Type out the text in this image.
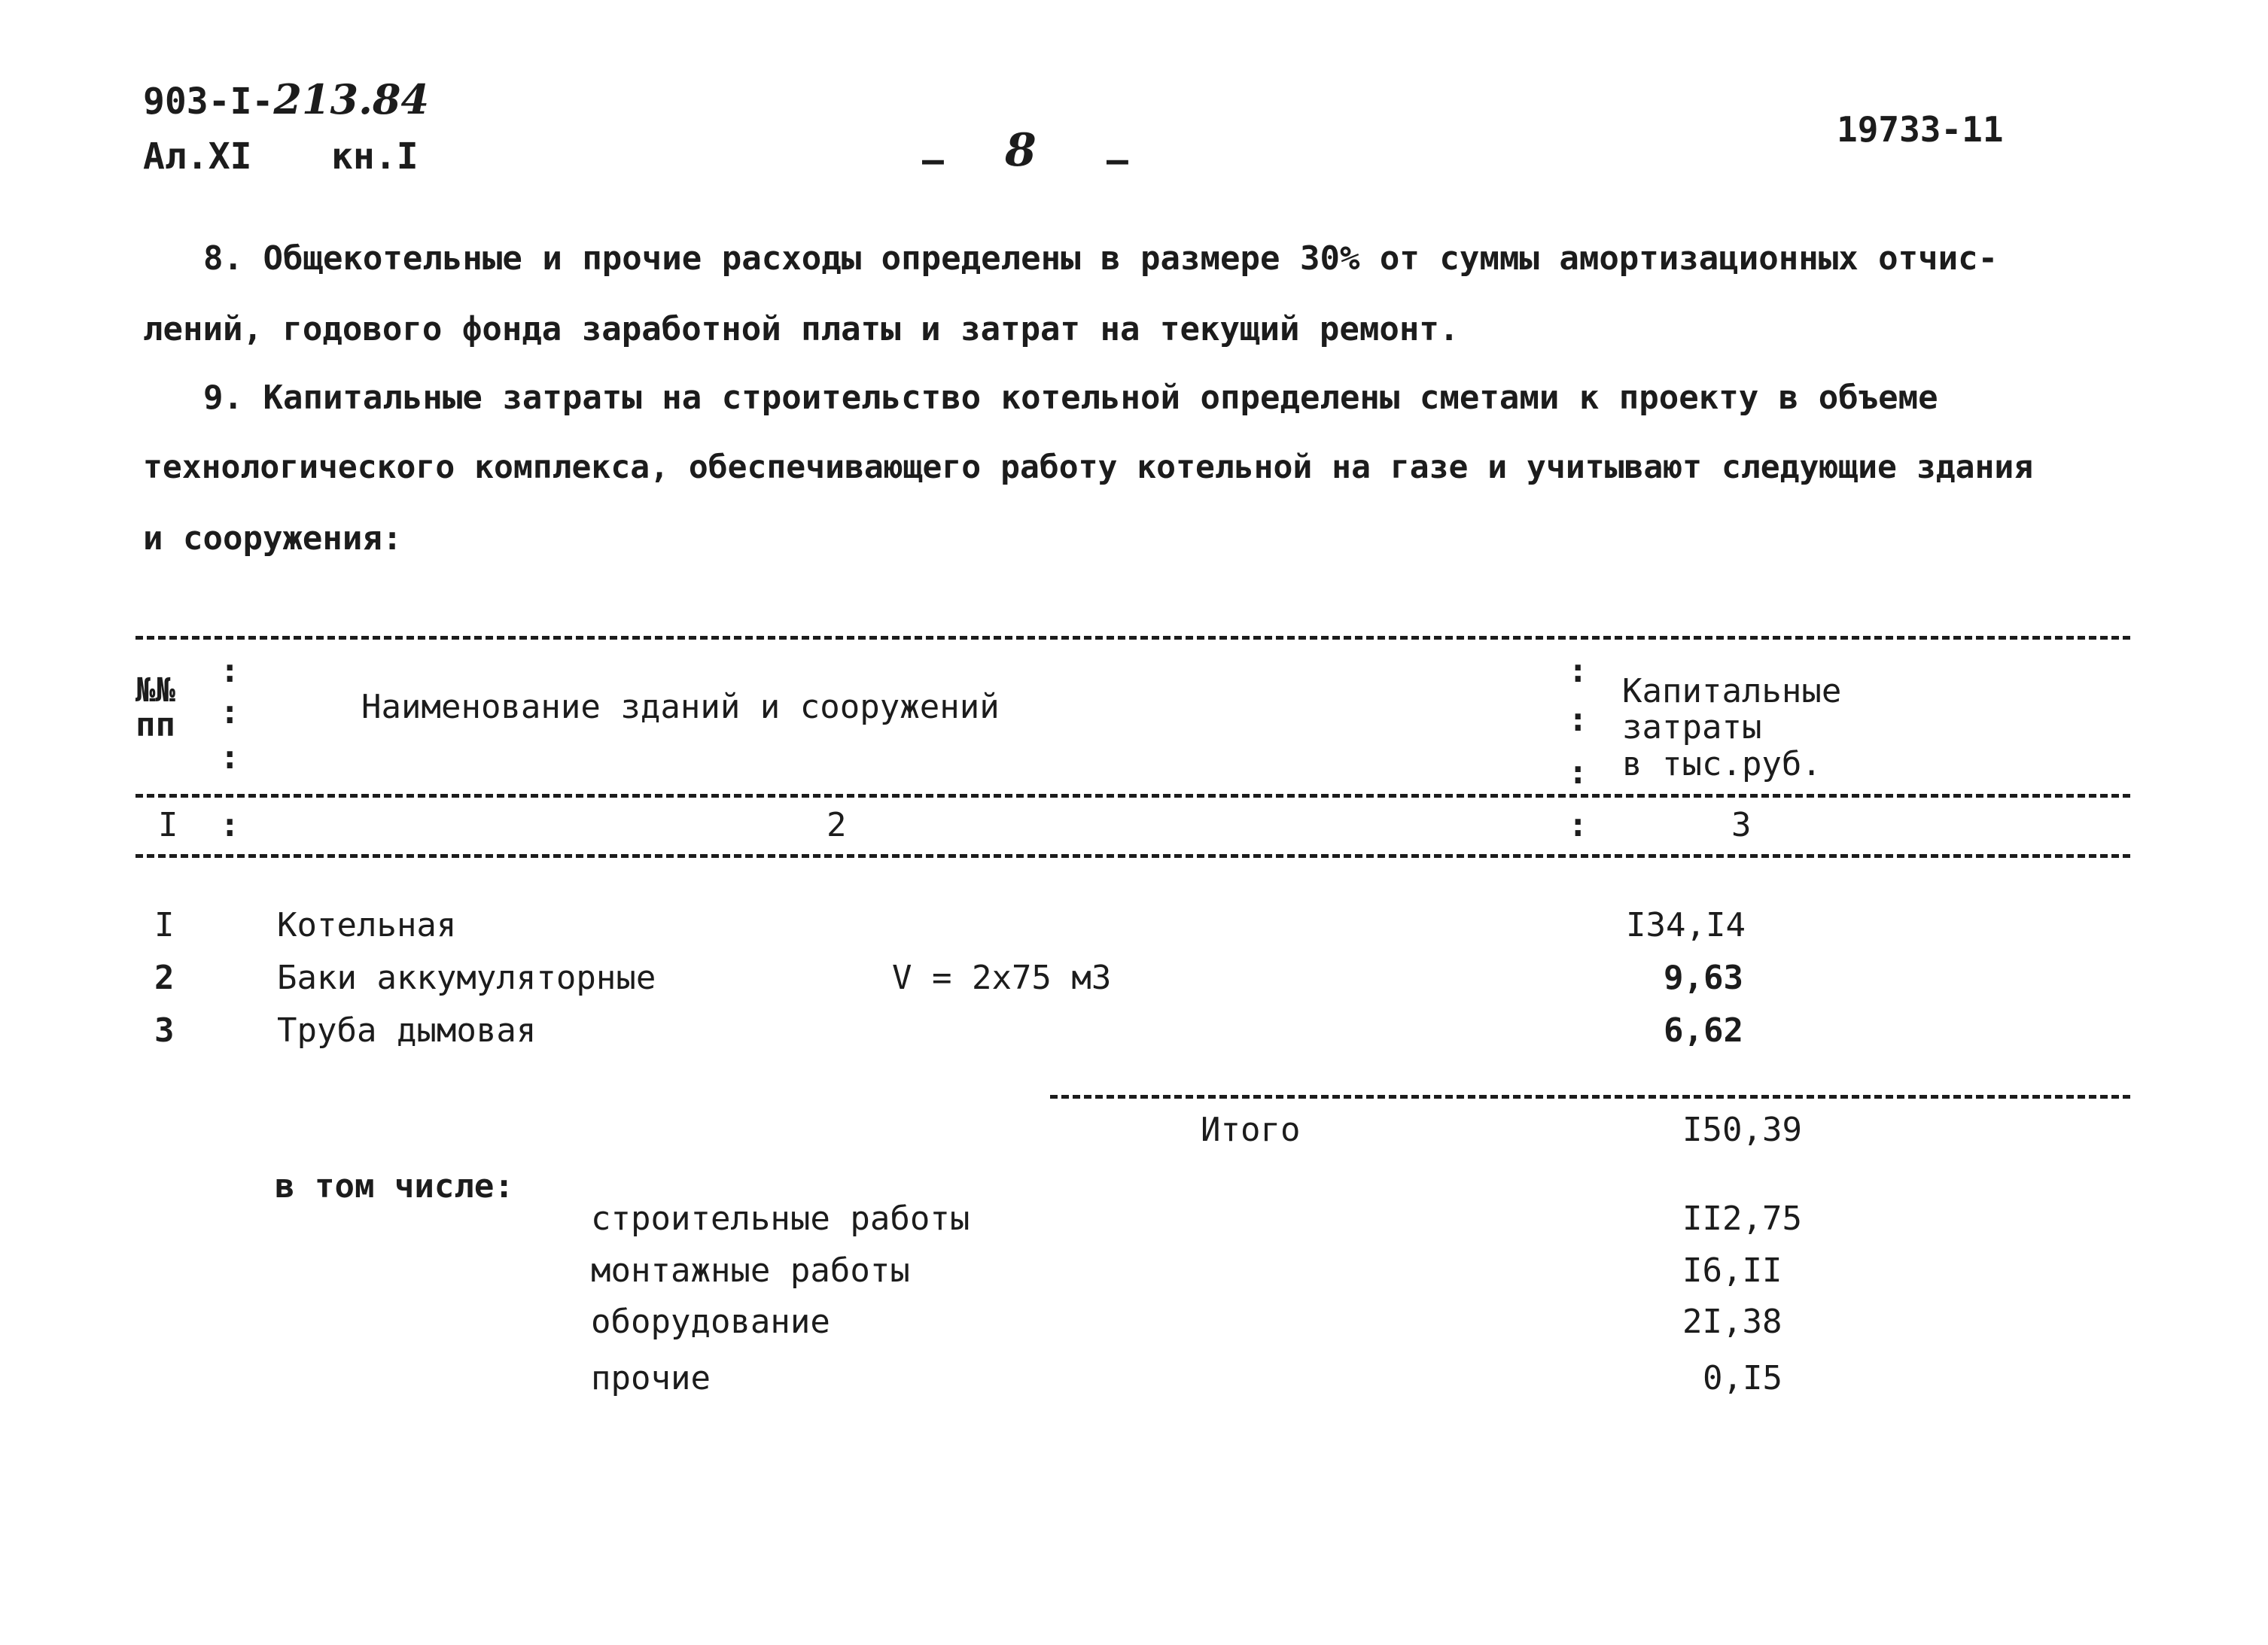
903-I-213.84
Ал.XI кн.I	– 8 –
19733-11
8. Общекотельные и прочие расходы определены в размере 30% от суммы амортизационных отчис-
лений, годового фонда заработной платы и затрат на текущий ремонт.
9. Капитальные затраты на строительство котельной определены сметами к проекту в объеме
технологического комплекса, обеспечивающего работу котельной на газе и учитывают следующие здания
и сооружения:
:
:
:
:
:
:
:
:
№№
пп	Наименование зданий и сооружений	Капитальные
затраты
в тыс.руб.
I	2	3
I	Котельная	I34,I4
2	Баки аккумуляторные	V = 2x75 м3	9,63
3	Труба дымовая	6,62
Итого	I50,39
в том числе:
строительные работы	II2,75
монтажные работы	I6,II
оборудование	2I,38
прочие	0,I5
